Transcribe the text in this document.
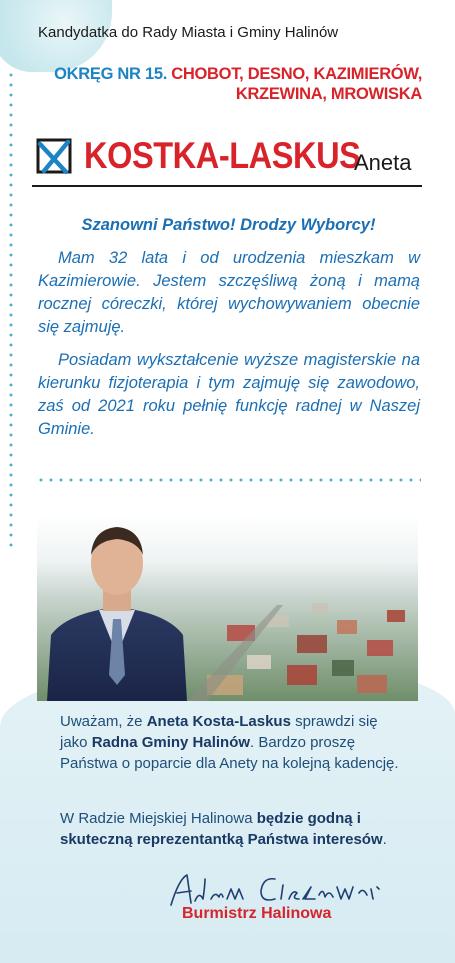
Kandydatka do Rady Miasta i Gminy Halinów
OKRĘG NR 15. CHOBOT, DESNO, KAZIMIERÓW,
KRZEWINA, MROWISKA
KOSTKA-LASKUS
Aneta
Szanowni Państwo! Drodzy Wyborcy!
Mam 32 lata i od urodzenia mieszkam w Kazimierowie. Jestem szczęśliwą żoną i mamą rocznej córeczki, której wychowywaniem obecnie się zajmuję.
Posiadam wykształcenie wyższe magisterskie na kierunku fizjoterapia i tym zajmuję się zawodowo, zaś od 2021 roku pełnię funkcję radnej w Naszej Gminie.
Uważam, że Aneta Kosta-Laskus sprawdzi się jako Radna Gminy Halinów. Bardzo proszę Państwa o poparcie dla Anety na kolejną kadencję.
W Radzie Miejskiej Halinowa będzie godną i skuteczną reprezentantką Państwa interesów.
Burmistrz Halinowa
